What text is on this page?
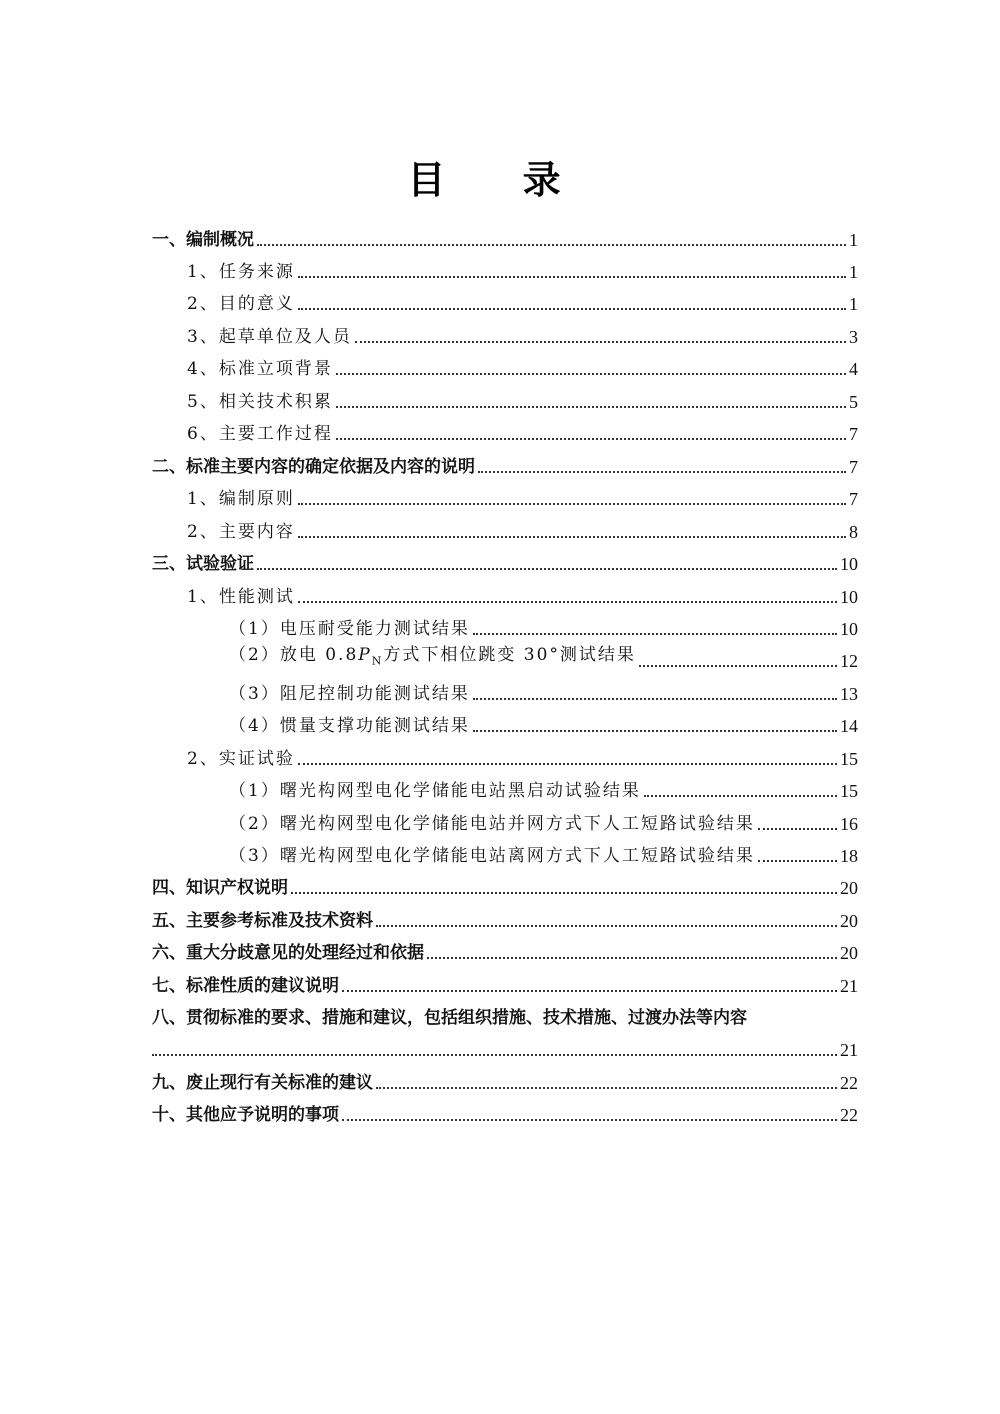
目 录
一、编制概况	1
1、任务来源	1
2、目的意义	1
3、起草单位及人员	3
4、标准立项背景	4
5、相关技术积累	5
6、主要工作过程	7
二、标准主要内容的确定依据及内容的说明	7
1、编制原则	7
2、主要内容	8
三、试验验证	10
1、性能测试	10
（1）电压耐受能力测试结果	10
（2）放电 $0.8P_N$方式下相位跳变 30°测试结果	12
（3）阻尼控制功能测试结果	13
（4）惯量支撑功能测试结果	14
2、实证试验	15
（1）曙光构网型电化学储能电站黑启动试验结果	15
（2）曙光构网型电化学储能电站并网方式下人工短路试验结果	16
（3）曙光构网型电化学储能电站离网方式下人工短路试验结果	18
四、知识产权说明	20
五、主要参考标准及技术资料	20
六、重大分歧意见的处理经过和依据	20
七、标准性质的建议说明	21
八、贯彻标准的要求、措施和建议，包括组织措施、技术措施、过渡办法等内容
21
九、废止现行有关标准的建议	22
十、其他应予说明的事项	22
